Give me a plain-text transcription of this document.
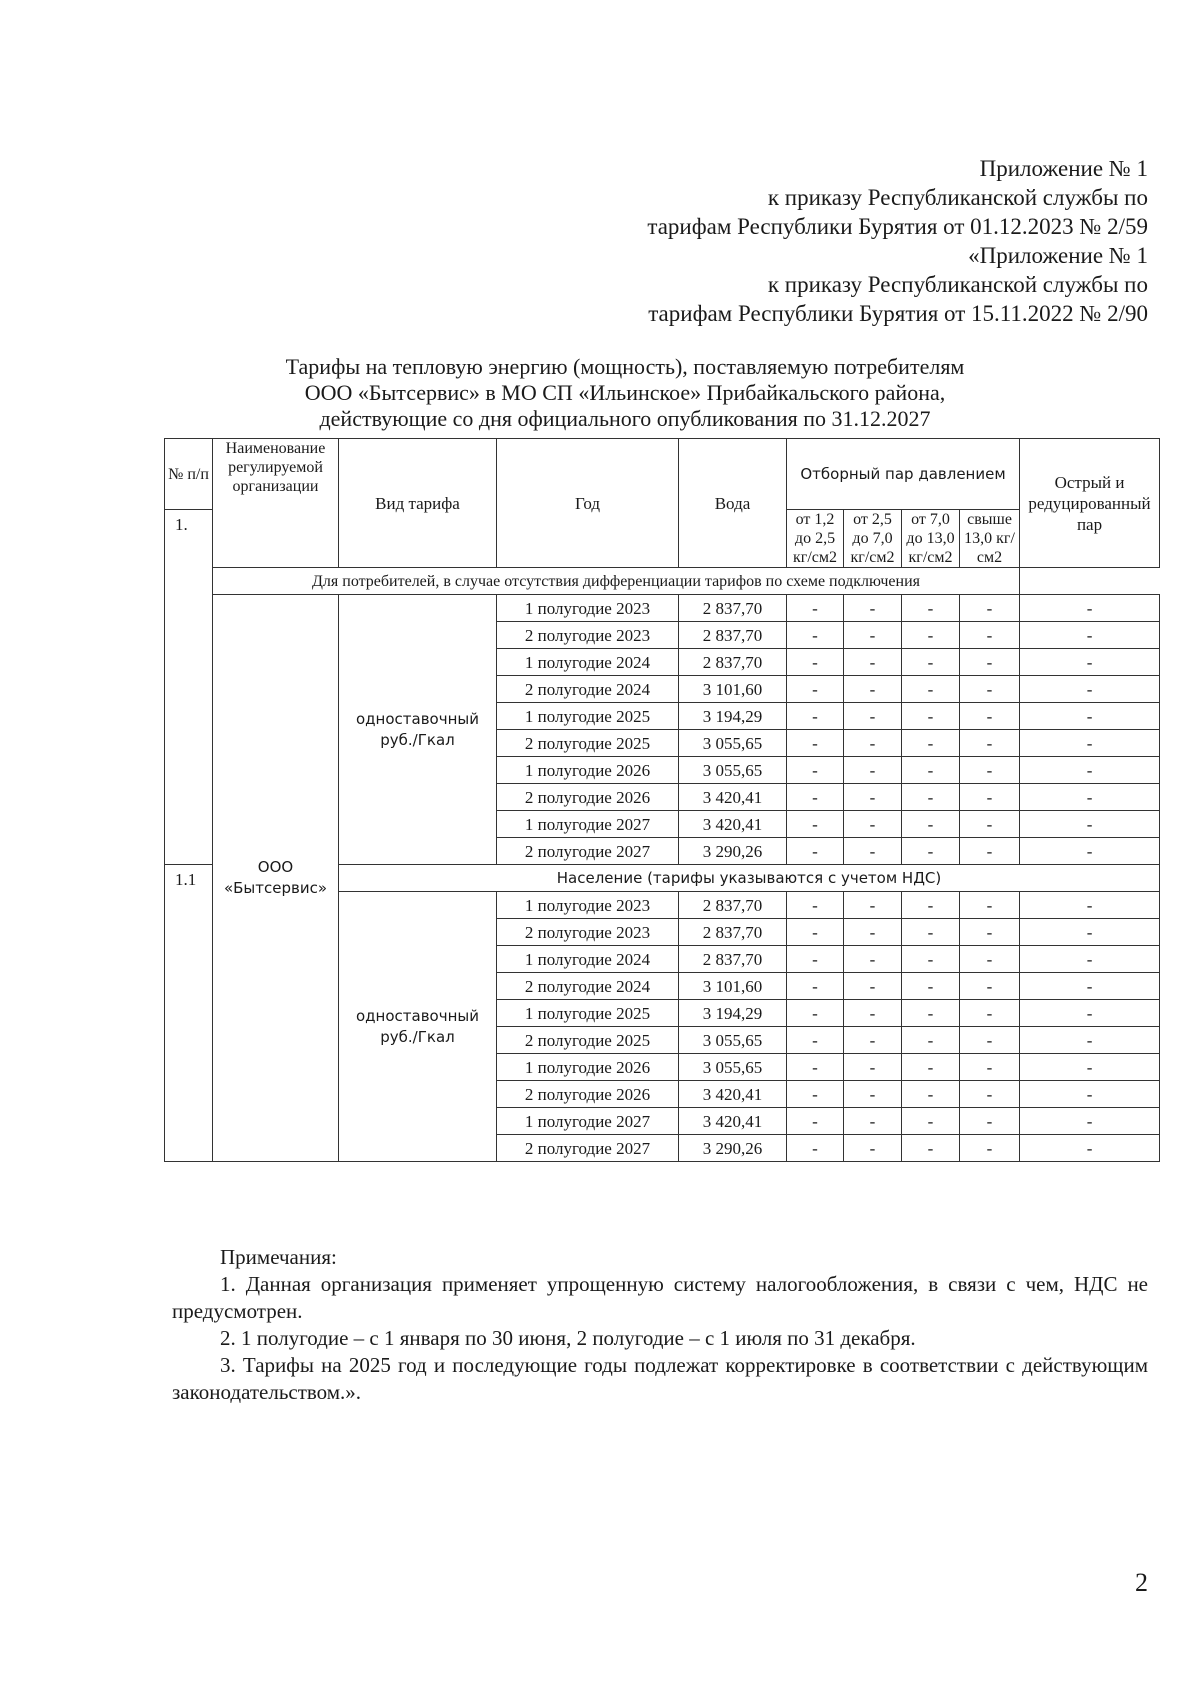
Приложение № 1
к приказу Республиканской службы по
тарифам Республики Бурятия от 01.12.2023 № 2/59
«Приложение № 1
к приказу Республиканской службы по
тарифам Республики Бурятия от 15.11.2022 № 2/90
Тарифы на тепловую энергию (мощность), поставляемую потребителям
ООО «Бытсервис» в МО СП «Ильинское» Прибайкальского района,
действующие со дня официального опубликования по 31.12.2027
№ п/п	Наименование регулируемой организации	Вид тарифа	Год	Вода	Отборный пар давлением				Острый и редуцированный пар
1.					от 1,2 до 2,5 кг/см2	от 2,5 до 7,0 кг/см2	от 7,0 до 13,0 кг/см2	свыше 13,0 кг/см2	
	Для потребителей, в случае отсутствия дифференциации тарифов по схеме подключения								
	ООО «Бытсервис»	одноставочный руб./Гкал	1 полугодие 2023	2 837,70	-	-	-	-	-
			2 полугодие 2023	2 837,70	-	-	-	-	-
			1 полугодие 2024	2 837,70	-	-	-	-	-
			2 полугодие 2024	3 101,60	-	-	-	-	-
			1 полугодие 2025	3 194,29	-	-	-	-	-
			2 полугодие 2025	3 055,65	-	-	-	-	-
			1 полугодие 2026	3 055,65	-	-	-	-	-
			2 полугодие 2026	3 420,41	-	-	-	-	-
			1 полугодие 2027	3 420,41	-	-	-	-	-
			2 полугодие 2027	3 290,26	-	-	-	-	-
1.1		Население (тарифы указываются с учетом НДС)							
		одноставочный руб./Гкал	1 полугодие 2023	2 837,70	-	-	-	-	-
			2 полугодие 2023	2 837,70	-	-	-	-	-
			1 полугодие 2024	2 837,70	-	-	-	-	-
			2 полугодие 2024	3 101,60	-	-	-	-	-
			1 полугодие 2025	3 194,29	-	-	-	-	-
			2 полугодие 2025	3 055,65	-	-	-	-	-
			1 полугодие 2026	3 055,65	-	-	-	-	-
			2 полугодие 2026	3 420,41	-	-	-	-	-
			1 полугодие 2027	3 420,41	-	-	-	-	-
			2 полугодие 2027	3 290,26	-	-	-	-	-

Примечания:

1. Данная организация применяет упрощенную систему налогообложения, в связи с чем, НДС не предусмотрен.

2. 1 полугодие – с 1 января по 30 июня, 2 полугодие – с 1 июля по 31 декабря.

3. Тарифы на 2025 год и последующие годы подлежат корректировке в соответствии с действующим законодательством.».

2
